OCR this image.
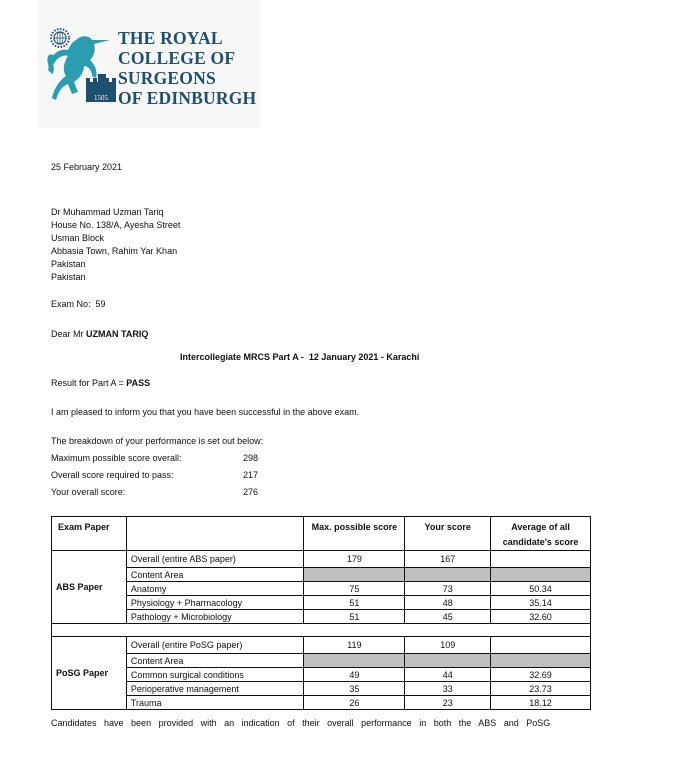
1505
THE ROYAL
COLLEGE OF
SURGEONS
OF EDINBURGH
25 February 2021
Dr Muhammad Uzman Tariq
House No. 138/A, Ayesha Street
Usman Block
Abbasia Town, Rahim Yar Khan
Pakistan
Pakistan
Exam No: 59
Dear Mr UZMAN TARIQ
Intercollegiate MRCS Part A -  12 January 2021 - Karachi
Result for Part A = PASS
I am pleased to inform you that you have been successful in the above exam.
The breakdown of your performance is set out below:
Maximum possible score overall:	298
Overall score required to pass:	217
Your overall score:	276
Exam Paper		Max. possible score	Your score	Average of all candidate's score
ABS Paper	Overall (entire ABS paper)	179	167	
	Content Area			
	Anatomy	75	73	50.34
	Physiology + Pharmacology	51	48	35.14
	Pathology + Microbiology	51	45	32.60

PoSG Paper	Overall (entire PoSG paper)	119	109	
	Content Area			
	Common surgical conditions	49	44	32.69
	Perioperative management	35	33	23.73
	Trauma	26	23	18.12
Candidates have been provided with an indication of their overall performance in both the ABS and PoSG
